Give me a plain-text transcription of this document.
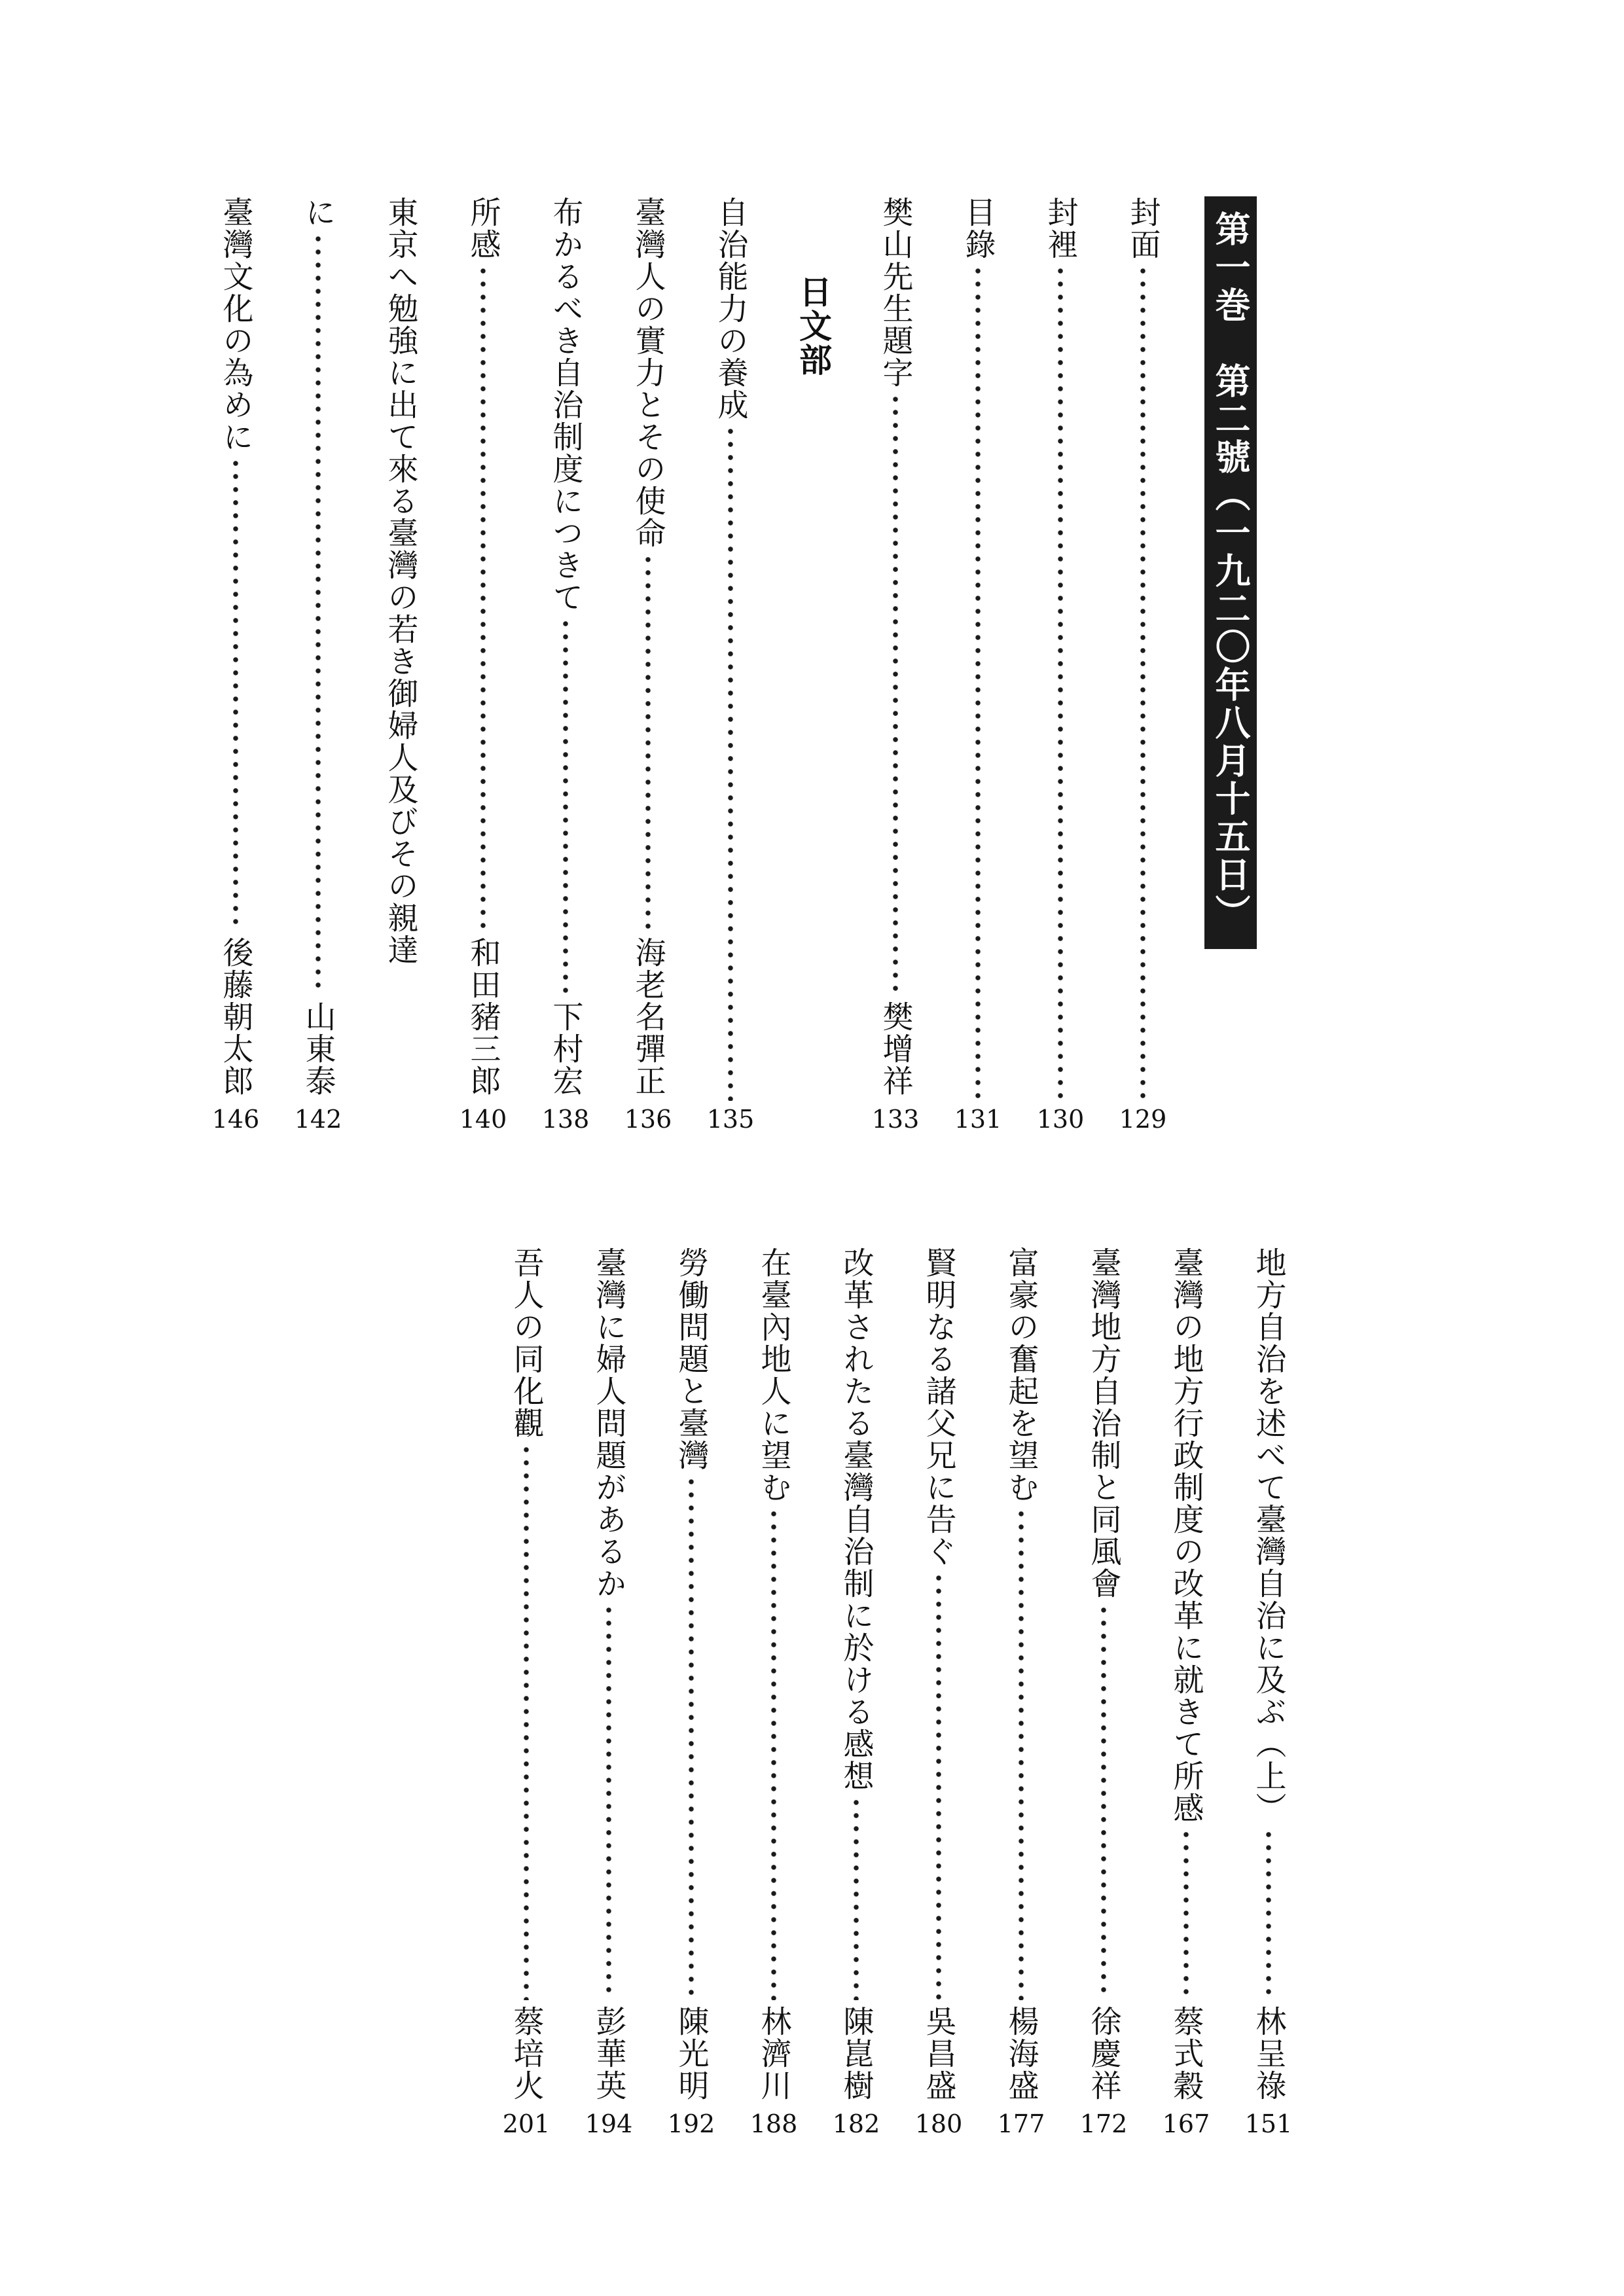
第一巻　第二號（一九二〇年八月十五日）
封面
129
封裡
130
目錄
131
樊山先生題字
樊增祥
133
日文部
自治能力の養成
135
臺灣人の實力とその使命
海老名彈正
136
布かるべき自治制度につきて
下村宏
138
所感
和田豬三郎
140
東京へ勉強に出て來る臺灣の若き御婦人及びその親達
に
山東泰
142
臺灣文化の為めに
後藤朝太郎
146
地方自治を述べて臺灣自治に及ぶ（上）
林呈祿
151
臺灣の地方行政制度の改革に就きて所感
蔡式穀
167
臺灣地方自治制と同風會
徐慶祥
172
富豪の奮起を望む
楊海盛
177
賢明なる諸父兄に告ぐ
吳昌盛
180
改革されたる臺灣自治制に於ける感想
陳崑樹
182
在臺內地人に望む
林濟川
188
勞働問題と臺灣
陳光明
192
臺灣に婦人問題があるか
彭華英
194
吾人の同化觀
蔡培火
201
